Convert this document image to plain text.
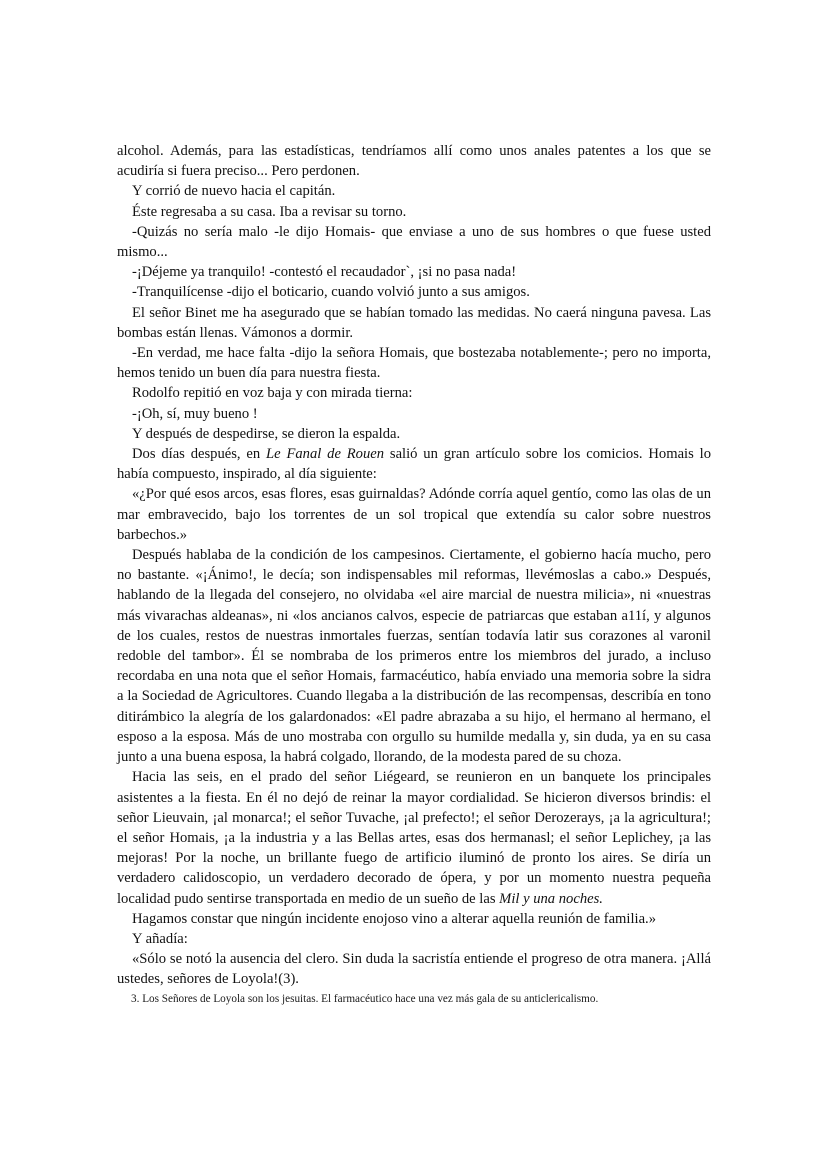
alcohol. Además, para las estadísticas, tendríamos allí como unos anales patentes a los que se acudiría si fuera preciso... Pero perdonen.

Y corrió de nuevo hacia el capitán.

Éste regresaba a su casa. Iba a revisar su torno.

-Quizás no sería malo -le dijo Homais- que enviase a uno de sus hombres o que fuese usted mismo...

-¡Déjeme ya tranquilo! -contestó el recaudador`, ¡si no pasa nada!

-Tranquilícense -dijo el boticario, cuando volvió junto a sus amigos.

El señor Binet me ha asegurado que se habían tomado las medidas. No caerá ninguna pavesa. Las bombas están llenas. Vámonos a dormir.

-En verdad, me hace falta -dijo la señora Homais, que bostezaba notablemente-; pero no importa, hemos tenido un buen día para nuestra fiesta.

Rodolfo repitió en voz baja y con mirada tierna:

-¡Oh, sí, muy bueno !

Y después de despedirse, se dieron la espalda.

Dos días después, en Le Fanal de Rouen salió un gran artículo sobre los comicios. Homais lo había compuesto, inspirado, al día siguiente:

«¿Por qué esos arcos, esas flores, esas guirnaldas? Adónde corría aquel gentío, como las olas de un mar embravecido, bajo los torrentes de un sol tropical que extendía su calor sobre nuestros barbechos.»

Después hablaba de la condición de los campesinos. Ciertamente, el gobierno hacía mucho, pero no bastante. «¡Ánimo!, le decía; son indispensables mil reformas, llevémoslas a cabo.» Después, hablando de la llegada del consejero, no olvidaba «el aire marcial de nuestra milicia», ni «nuestras más vivarachas aldeanas», ni «los ancianos calvos, especie de patriarcas que estaban a11í, y algunos de los cuales, restos de nuestras inmortales fuerzas, sentían todavía latir sus corazones al varonil redoble del tambor». Él se nombraba de los primeros entre los miembros del jurado, a incluso recordaba en una nota que el señor Homais, farmacéutico, había enviado una memoria sobre la sidra a la Sociedad de Agricultores. Cuando llegaba a la distribución de las recompensas, describía en tono ditirámbico la alegría de los galardonados: «El padre abrazaba a su hijo, el hermano al hermano, el esposo a la esposa. Más de uno mostraba con orgullo su humilde medalla y, sin duda, ya en su casa junto a una buena esposa, la habrá colgado, llorando, de la modesta pared de su choza.

Hacia las seis, en el prado del señor Liégeard, se reunieron en un banquete los principales asistentes a la fiesta. En él no dejó de reinar la mayor cordialidad. Se hicieron diversos brindis: el señor Lieuvain, ¡al monarca!; el señor Tuvache, ¡al prefecto!; el señor Derozerays, ¡a la agricultura!; el señor Homais, ¡a la industria y a las Bellas artes, esas dos hermanasl; el señor Leplichey, ¡a las mejoras! Por la noche, un brillante fuego de artificio iluminó de pronto los aires. Se diría un verdadero calidoscopio, un verdadero decorado de ópera, y por un momento nuestra pequeña localidad pudo sentirse transportada en medio de un sueño de las Mil y una noches.

Hagamos constar que ningún incidente enojoso vino a alterar aquella reunión de familia.»

Y añadía:

«Sólo se notó la ausencia del clero. Sin duda la sacristía entiende el progreso de otra manera. ¡Allá ustedes, señores de Loyola!(3).

3. Los Señores de Loyola son los jesuitas. El farmacéutico hace una vez más gala de su anticlericalismo.
